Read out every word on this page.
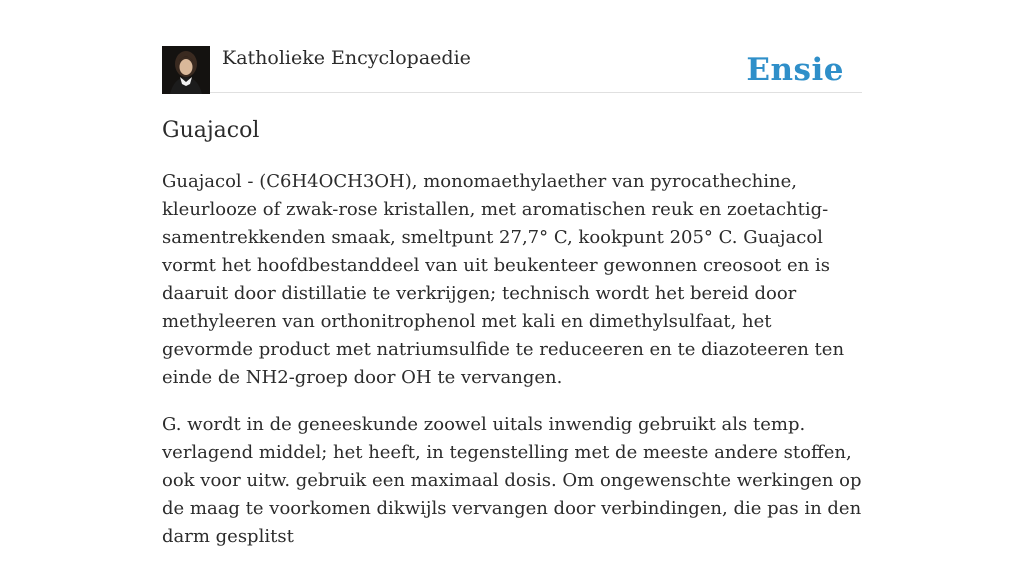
Katholieke Encyclopaedie	Ensie
Guajacol

Guajacol - (C6H4OCH3OH), monomaethylaether van pyrocathechine, kleurlooze of zwak-rose kristallen, met aromatischen reuk en zoetachtig-samentrekkenden smaak, smeltpunt 27,7° C, kookpunt 205° C. Guajacol vormt het hoofdbestanddeel van uit beukenteer gewonnen creosoot en is daaruit door distillatie te verkrijgen; technisch wordt het bereid door methyleeren van orthonitrophenol met kali en dimethylsulfaat, het gevormde product met natriumsulfide te reduceeren en te diazoteeren ten einde de NH2-groep door OH te vervangen.

G. wordt in de geneeskunde zoowel uitals inwendig gebruikt als temp. verlagend middel; het heeft, in tegenstelling met de meeste andere stoffen, ook voor uitw. gebruik een maximaal dosis. Om ongewenschte werkingen op de maag te voorkomen dikwijls vervangen door verbindingen, die pas in den darm gesplitst
